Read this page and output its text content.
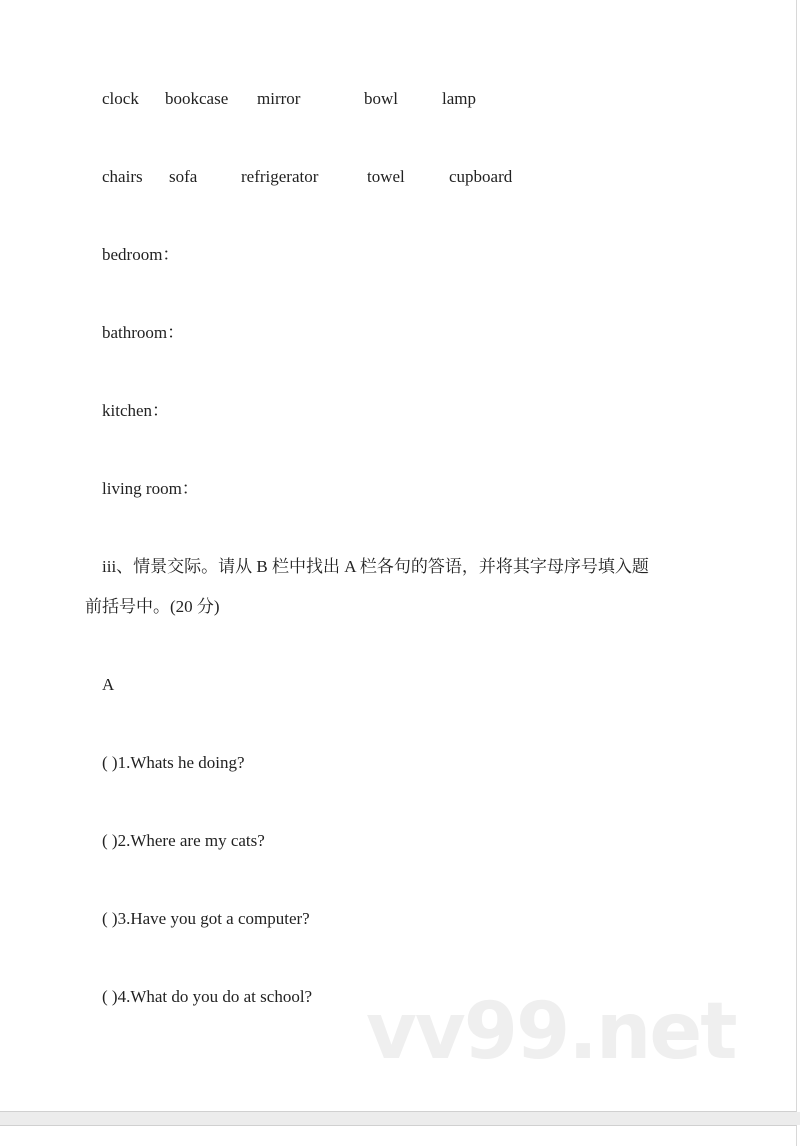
clock bookcase mirror	bowl	lamp
chairs sofa	refrigerator	towel	cupboard
bedroom：
bathroom：
kitchen：
living room：
iii、情景交际。请从 B 栏中找出 A 栏各句的答语，并将其字母序号填入题
前括号中。(20 分)
A
( )1.Whats he doing?
( )2.Where are my cats?
( )3.Have you got a computer?
( )4.What do you do at school? vv99.net
